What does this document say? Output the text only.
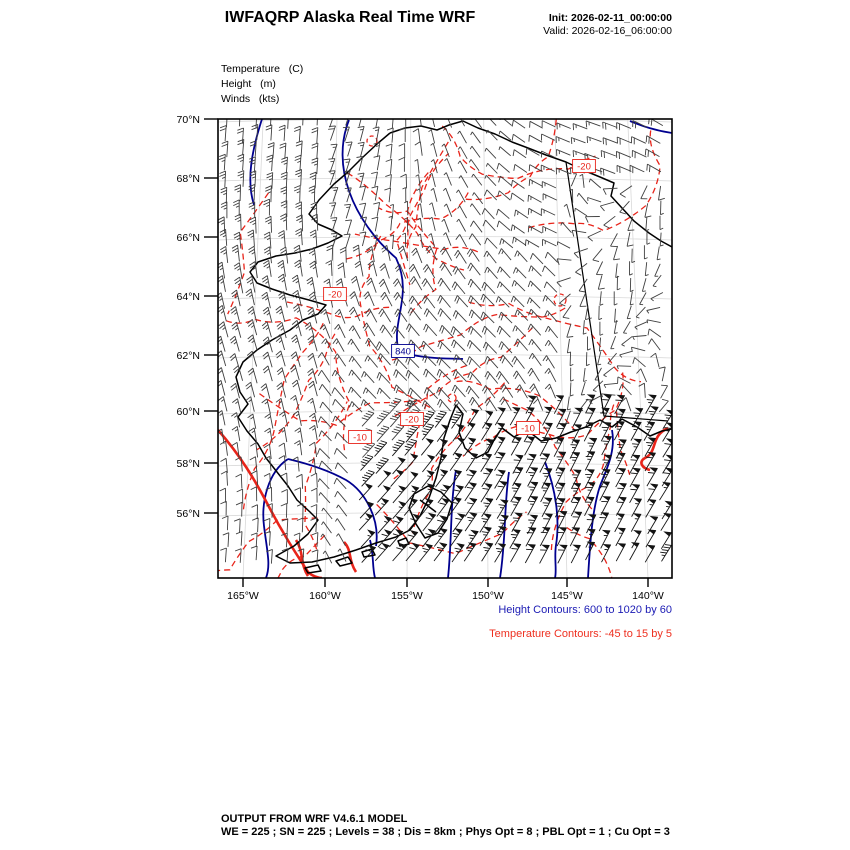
IWFAQRP Alaska Real Time WRF	Init: 2026-02-11_00:00:00
Valid: 2026-02-16_06:00:00
Temperature   (C)
Height   (m)
Winds   (kts)
70°N
68°N
66°N
64°N
62°N
60°N
58°N
56°N
165°W	160°W	155°W	150°W	145°W	140°W
-20
-20
-20
-10
-10
840
Height Contours: 600 to 1020 by 60
Temperature Contours: -45 to 15 by 5
OUTPUT FROM WRF V4.6.1 MODEL
WE = 225 ; SN = 225 ; Levels = 38 ; Dis = 8km ; Phys Opt = 8 ; PBL Opt = 1 ; Cu Opt = 3
